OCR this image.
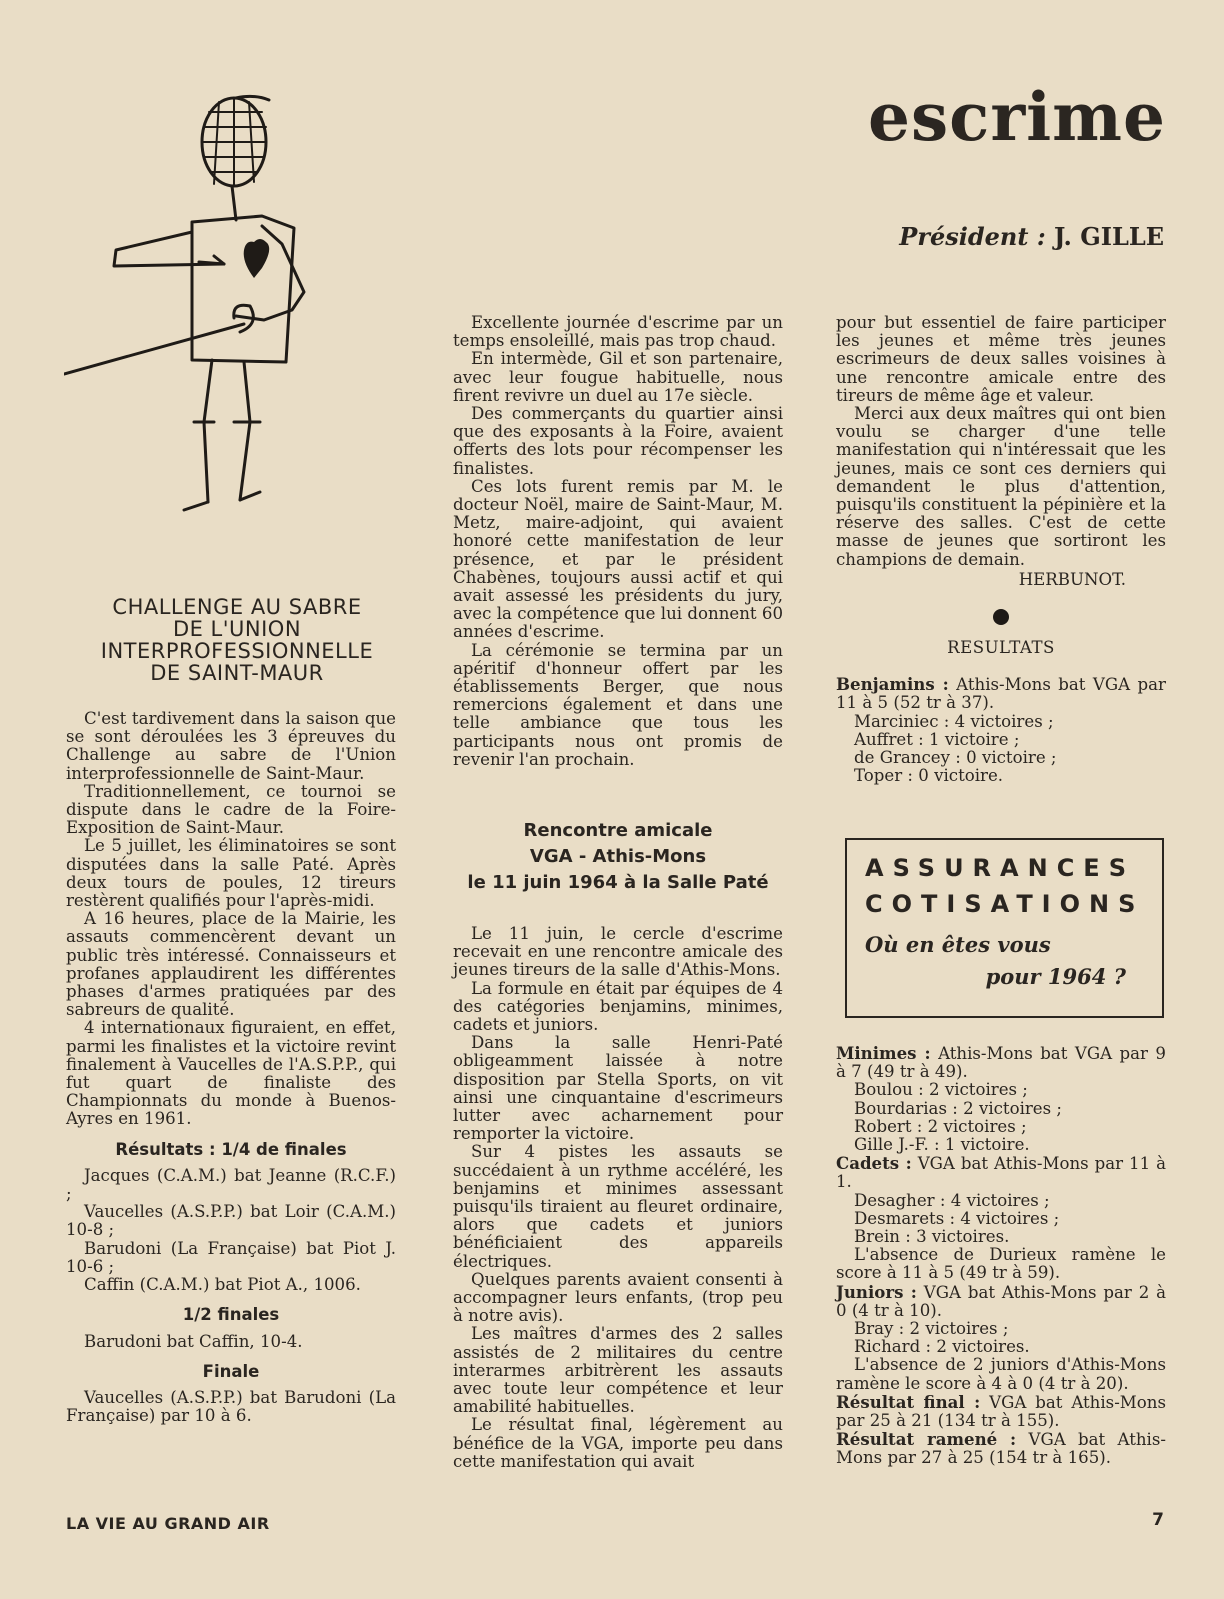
escrime

Président : J. GILLE

CHALLENGE AU SABRE
DE L'UNION
INTERPROFESSIONNELLE
DE SAINT-MAUR

C'est tardivement dans la saison que se sont déroulées les 3 épreuves du Challenge au sabre de l'Union interprofessionnelle de Saint-Maur.

Traditionnellement, ce tournoi se dispute dans le cadre de la Foire-Exposition de Saint-Maur.

Le 5 juillet, les éliminatoires se sont disputées dans la salle Paté. Après deux tours de poules, 12 tireurs restèrent qualifiés pour l'après-midi.

A 16 heures, place de la Mairie, les assauts commencèrent devant un public très intéressé. Connaisseurs et profanes applaudirent les différentes phases d'armes pratiquées par des sabreurs de qualité.

4 internationaux figuraient, en effet, parmi les finalistes et la victoire revint finalement à Vaucelles de l'A.S.P.P., qui fut quart de finaliste des Championnats du monde à Buenos-Ayres en 1961.

Résultats : 1/4 de finales

Jacques (C.A.M.) bat Jeanne (R.C.F.) ;

Vaucelles (A.S.P.P.) bat Loir (C.A.M.) 10-8 ;

Barudoni (La Française) bat Piot J. 10-6 ;

Caffin (C.A.M.) bat Piot A., 1006.

1/2 finales

Barudoni bat Caffin, 10-4.

Finale

Vaucelles (A.S.P.P.) bat Barudoni (La Française) par 10 à 6.

Excellente journée d'escrime par un temps ensoleillé, mais pas trop chaud.

En intermède, Gil et son partenaire, avec leur fougue habituelle, nous firent revivre un duel au 17e siècle.

Des commerçants du quartier ainsi que des exposants à la Foire, avaient offerts des lots pour récompenser les finalistes.

Ces lots furent remis par M. le docteur Noël, maire de Saint-Maur, M. Metz, maire-adjoint, qui avaient honoré cette manifestation de leur présence, et par le président Chabènes, toujours aussi actif et qui avait assessé les présidents du jury, avec la compétence que lui donnent 60 années d'escrime.

La cérémonie se termina par un apéritif d'honneur offert par les établissements Berger, que nous remercions également et dans une telle ambiance que tous les participants nous ont promis de revenir l'an prochain.

Rencontre amicale
VGA - Athis-Mons
le 11 juin 1964 à la Salle Paté

Le 11 juin, le cercle d'escrime recevait en une rencontre amicale des jeunes tireurs de la salle d'Athis-Mons.

La formule en était par équipes de 4 des catégories benjamins, minimes, cadets et juniors.

Dans la salle Henri-Paté obligeamment laissée à notre disposition par Stella Sports, on vit ainsi une cinquantaine d'escrimeurs lutter avec acharnement pour remporter la victoire.

Sur 4 pistes les assauts se succédaient à un rythme accéléré, les benjamins et minimes assessant puisqu'ils tiraient au fleuret ordinaire, alors que cadets et juniors bénéficiaient des appareils électriques.

Quelques parents avaient consenti à accompagner leurs enfants, (trop peu à notre avis).

Les maîtres d'armes des 2 salles assistés de 2 militaires du centre interarmes arbitrèrent les assauts avec toute leur compétence et leur amabilité habituelles.

Le résultat final, légèrement au bénéfice de la VGA, importe peu dans cette manifestation qui avait

pour but essentiel de faire participer les jeunes et même très jeunes escrimeurs de deux salles voisines à une rencontre amicale entre des tireurs de même âge et valeur.

Merci aux deux maîtres qui ont bien voulu se charger d'une telle manifestation qui n'intéressait que les jeunes, mais ce sont ces derniers qui demandent le plus d'attention, puisqu'ils constituent la pépinière et la réserve des salles. C'est de cette masse de jeunes que sortiront les champions de demain.

HERBUNOT.

RESULTATS

Benjamins : Athis-Mons bat VGA par 11 à 5 (52 tr à 37).

Marciniec : 4 victoires ;

Auffret : 1 victoire ;

de Grancey : 0 victoire ;

Toper : 0 victoire.

ASSURANCES
COTISATIONS
Où en êtes vous
pour 1964 ?

Minimes : Athis-Mons bat VGA par 9 à 7 (49 tr à 49).

Boulou : 2 victoires ;

Bourdarias : 2 victoires ;

Robert : 2 victoires ;

Gille J.-F. : 1 victoire.

Cadets : VGA bat Athis-Mons par 11 à 1.

Desagher : 4 victoires ;

Desmarets : 4 victoires ;

Brein : 3 victoires.

L'absence de Durieux ramène le score à 11 à 5 (49 tr à 59).

Juniors : VGA bat Athis-Mons par 2 à 0 (4 tr à 10).

Bray : 2 victoires ;

Richard : 2 victoires.

L'absence de 2 juniors d'Athis-Mons ramène le score à 4 à 0 (4 tr à 20).

Résultat final : VGA bat Athis-Mons par 25 à 21 (134 tr à 155).

Résultat ramené : VGA bat Athis-Mons par 27 à 25 (154 tr à 165).

LA VIE AU GRAND AIR	7
